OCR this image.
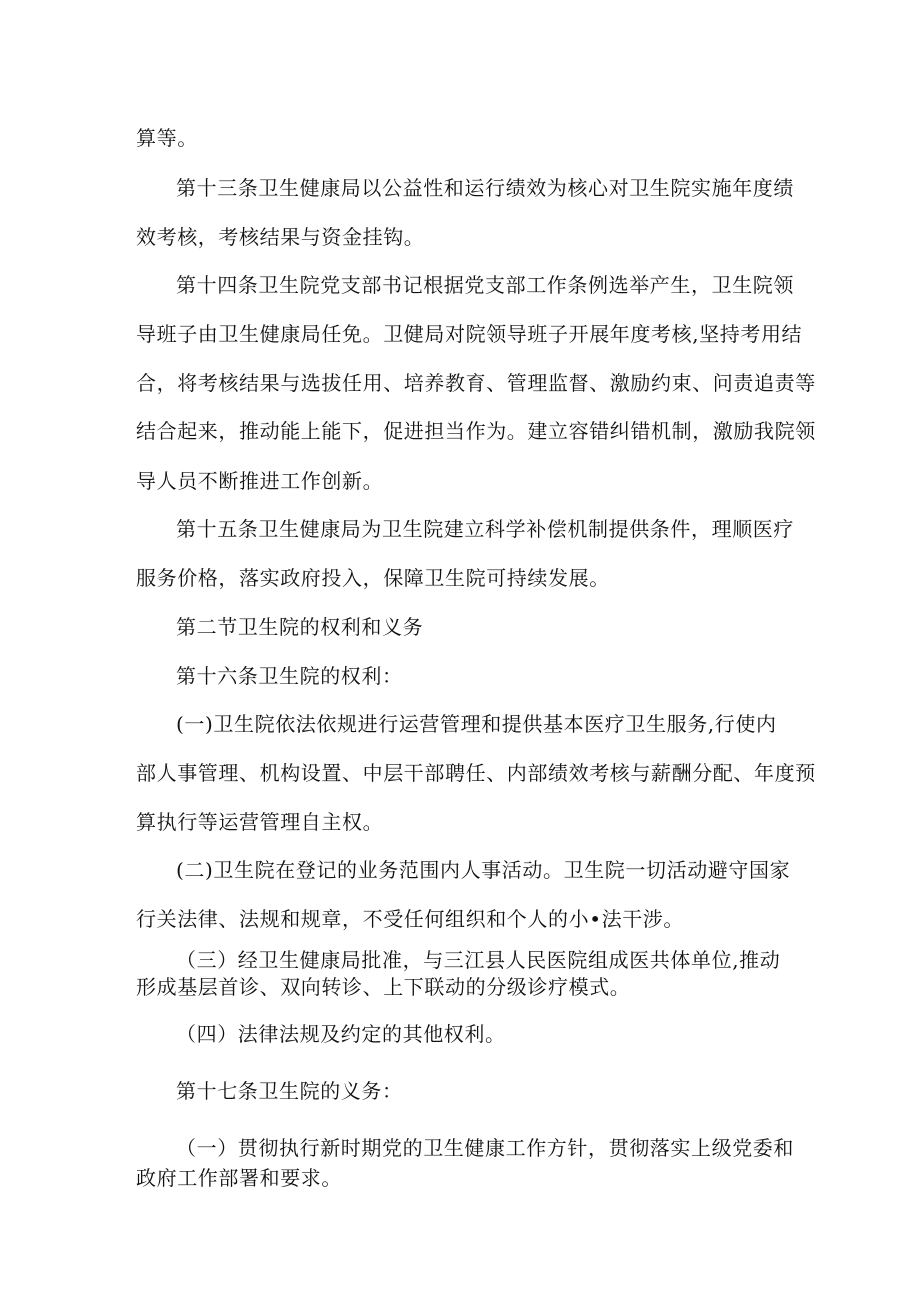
算等。
第十三条卫生健康局以公益性和运行绩效为核心对卫生院实施年度绩
效考核，考核结果与资金挂钩。
第十四条卫生院党支部书记根据党支部工作条例选举产生，卫生院领
导班子由卫生健康局任免。卫健局对院领导班子开展年度考核,坚持考用结
合，将考核结果与选拔任用、培养教育、管理监督、激励约束、问责追责等
结合起来，推动能上能下，促进担当作为。建立容错纠错机制，激励我院领
导人员不断推进工作创新。
第十五条卫生健康局为卫生院建立科学补偿机制提供条件，理顺医疗
服务价格，落实政府投入，保障卫生院可持续发展。
第二节卫生院的权利和义务
第十六条卫生院的权利：
(一)卫生院依法依规进行运营管理和提供基本医疗卫生服务,行使内
部人事管理、机构设置、中层干部聘任、内部绩效考核与薪酬分配、年度预
算执行等运营管理自主权。
(二)卫生院在登记的业务范围内人事活动。卫生院一切活动避守国家
行关法律、法规和规章，不受任何组织和个人的小•法干涉。
（三）经卫生健康局批准，与三江县人民医院组成医共体单位,推动
形成基层首诊、双向转诊、上下联动的分级诊疗模式。
（四）法律法规及约定的其他权利。
第十七条卫生院的义务：
（一）贯彻执行新时期党的卫生健康工作方针，贯彻落实上级党委和
政府工作部署和要求。
